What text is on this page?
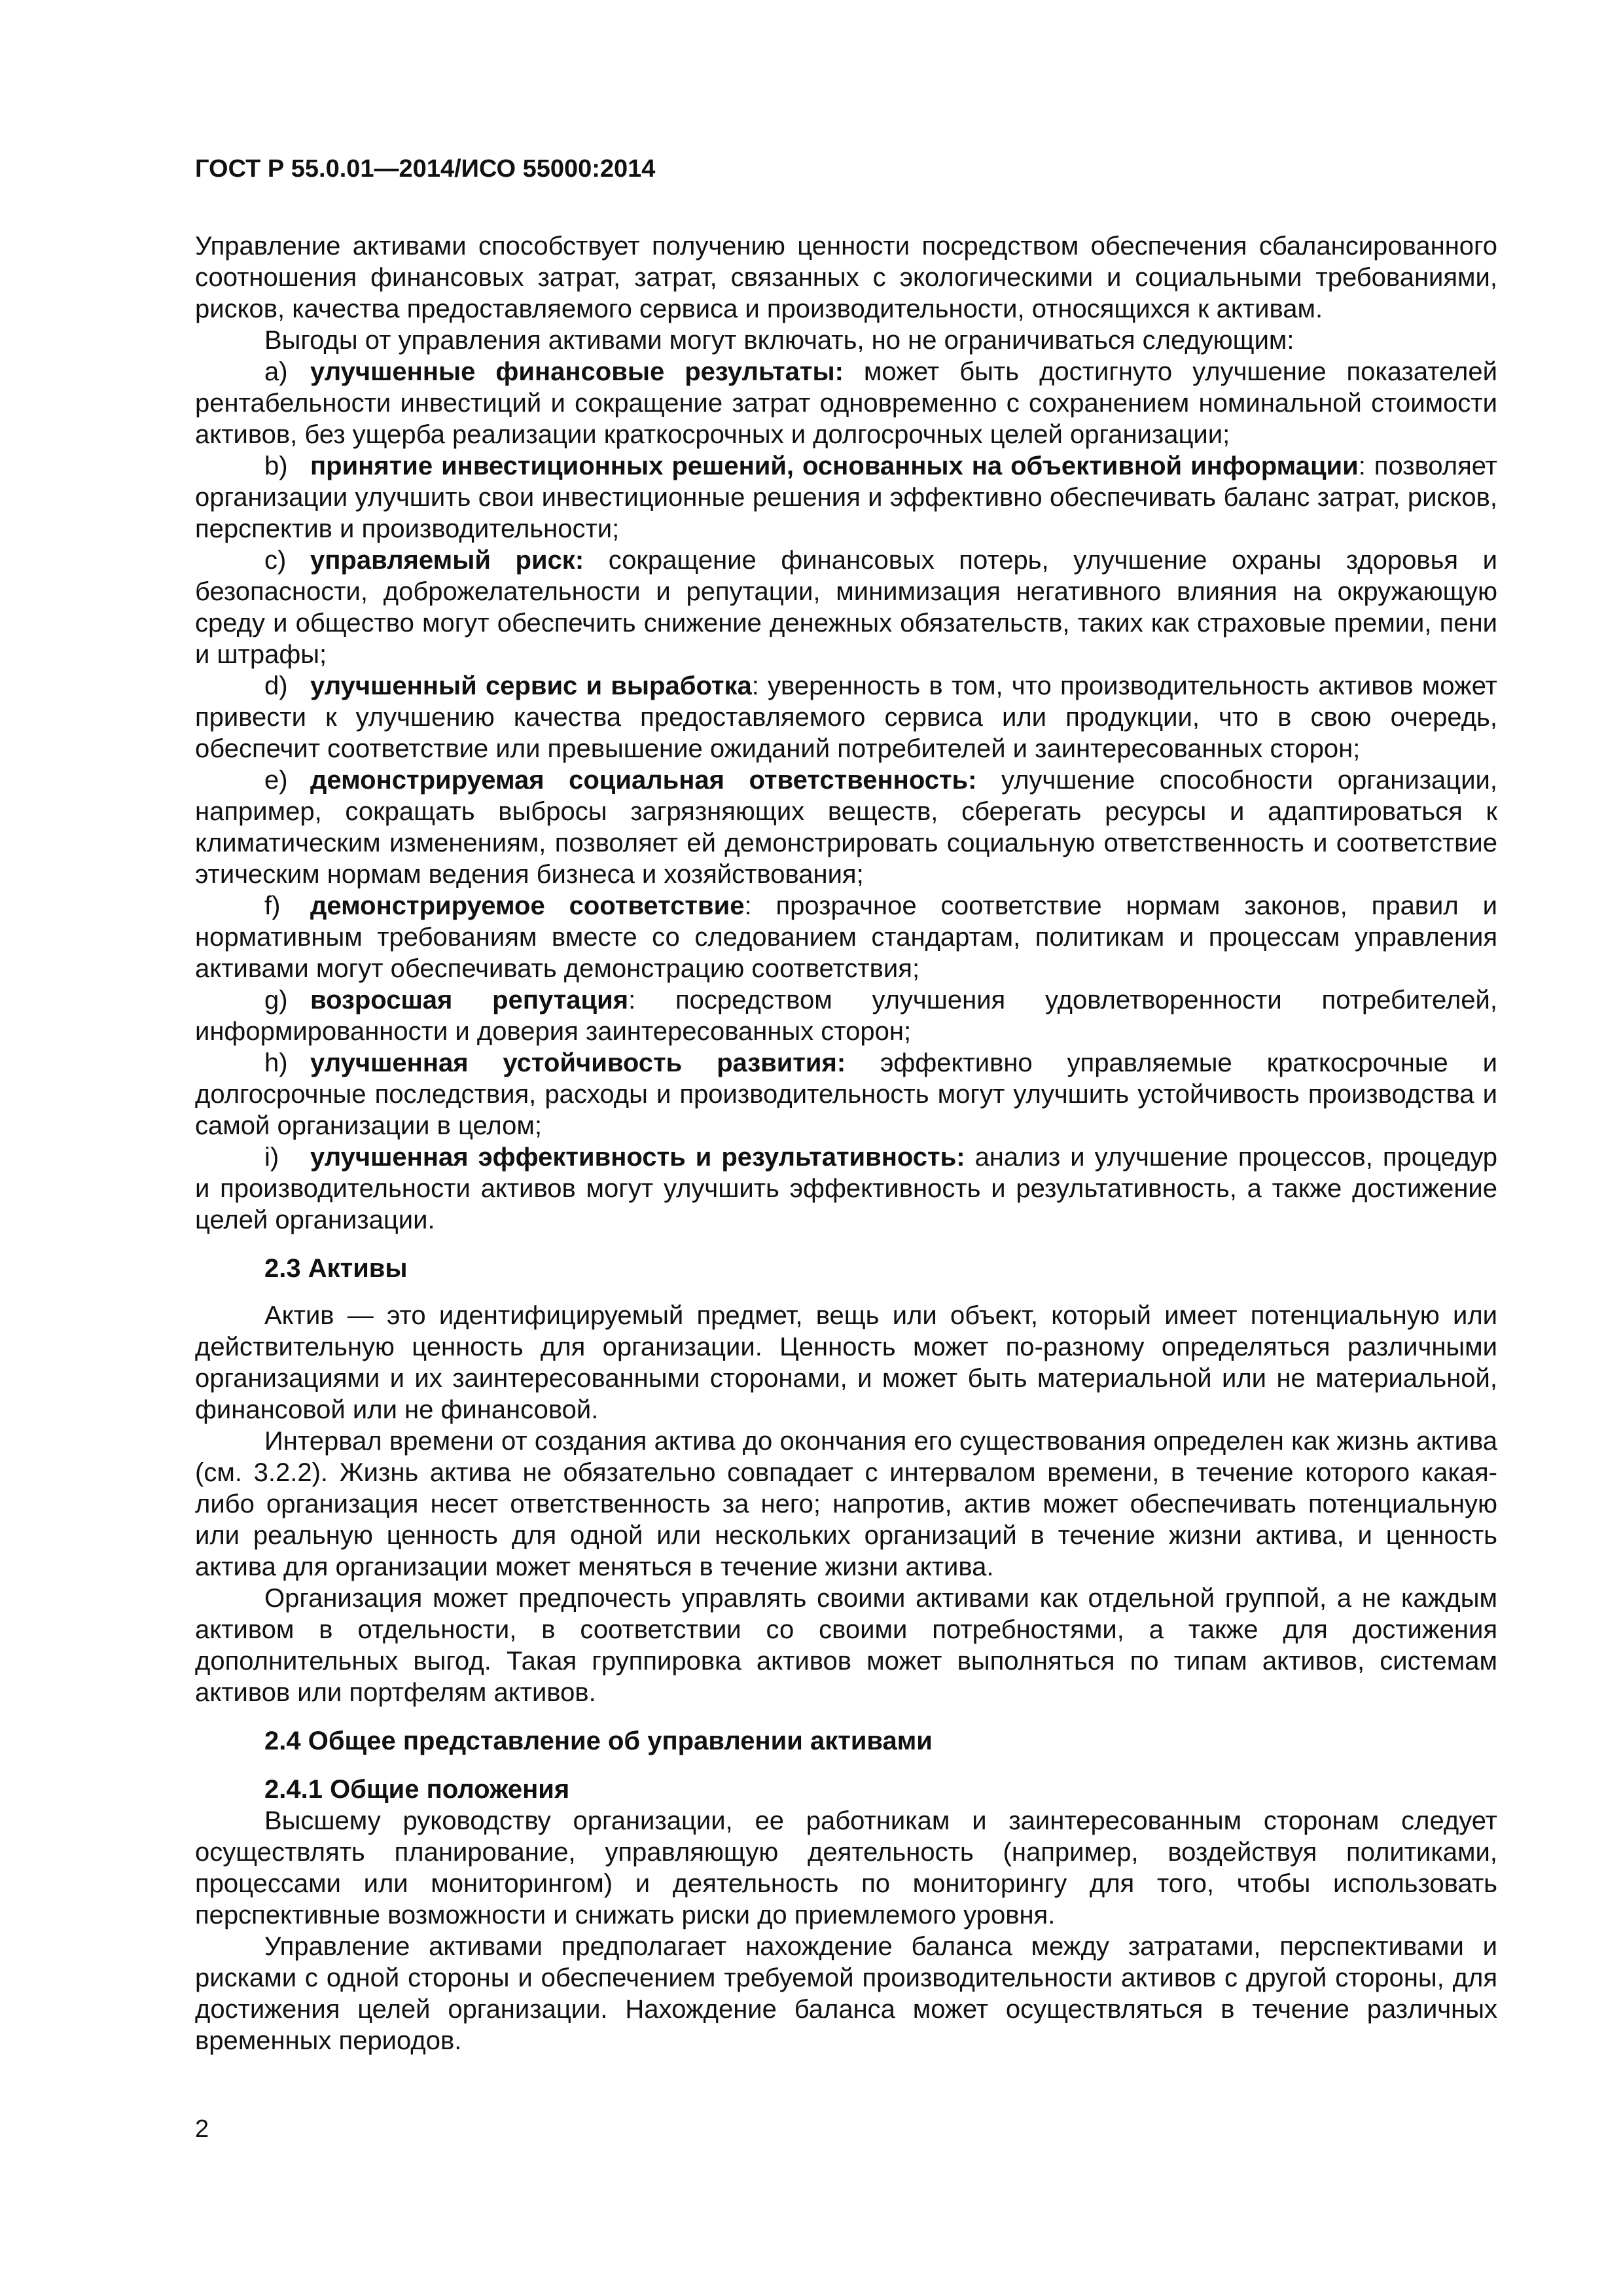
ГОСТ Р 55.0.01—2014/ИСО 55000:2014

Управление активами способствует получению ценности посредством обеспечения сбалансированного соотношения финансовых затрат, затрат, связанных с экологическими и социальными требованиями, рисков, качества предоставляемого сервиса и производительности, относящихся к активам.

Выгоды от управления активами могут включать, но не ограничиваться следующим:

a) улучшенные финансовые результаты: может быть достигнуто улучшение показателей рентабельности инвестиций и сокращение затрат одновременно с сохранением номинальной стоимости активов, без ущерба реализации краткосрочных и долгосрочных целей организации;

b) принятие инвестиционных решений, основанных на объективной информации: позволяет организации улучшить свои инвестиционные решения и эффективно обеспечивать баланс затрат, рисков, перспектив и производительности;

c) управляемый риск: сокращение финансовых потерь, улучшение охраны здоровья и безопасности, доброжелательности и репутации, минимизация негативного влияния на окружающую среду и общество могут обеспечить снижение денежных обязательств, таких как страховые премии, пени и штрафы;

d) улучшенный сервис и выработка: уверенность в том, что производительность активов может привести к улучшению качества предоставляемого сервиса или продукции, что в свою очередь, обеспечит соответствие или превышение ожиданий потребителей и заинтересованных сторон;

e) демонстрируемая социальная ответственность: улучшение способности организации, например, сокращать выбросы загрязняющих веществ, сберегать ресурсы и адаптироваться к климатическим изменениям, позволяет ей демонстрировать социальную ответственность и соответствие этическим нормам ведения бизнеса и хозяйствования;

f) демонстрируемое соответствие: прозрачное соответствие нормам законов, правил и нормативным требованиям вместе со следованием стандартам, политикам и процессам управления активами могут обеспечивать демонстрацию соответствия;

g) возросшая репутация: посредством улучшения удовлетворенности потребителей, информированности и доверия заинтересованных сторон;

h) улучшенная устойчивость развития: эффективно управляемые краткосрочные и долгосрочные последствия, расходы и производительность могут улучшить устойчивость производства и самой организации в целом;

i) улучшенная эффективность и результативность: анализ и улучшение процессов, процедур и производительности активов могут улучшить эффективность и результативность, а также достижение целей организации.

2.3 Активы

Актив — это идентифицируемый предмет, вещь или объект, который имеет потенциальную или действительную ценность для организации. Ценность может по-разному определяться различными организациями и их заинтересованными сторонами, и может быть материальной или не материальной, финансовой или не финансовой.

Интервал времени от создания актива до окончания его существования определен как жизнь актива (см. 3.2.2). Жизнь актива не обязательно совпадает с интервалом времени, в течение которого какая-либо организация несет ответственность за него; напротив, актив может обеспечивать потенциальную или реальную ценность для одной или нескольких организаций в течение жизни актива, и ценность актива для организации может меняться в течение жизни актива.

Организация может предпочесть управлять своими активами как отдельной группой, а не каждым активом в отдельности, в соответствии со своими потребностями, а также для достижения дополнительных выгод. Такая группировка активов может выполняться по типам активов, системам активов или портфелям активов.

2.4 Общее представление об управлении активами
2.4.1 Общие положения

Высшему руководству организации, ее работникам и заинтересованным сторонам следует осуществлять планирование, управляющую деятельность (например, воздействуя политиками, процессами или мониторингом) и деятельность по мониторингу для того, чтобы использовать перспективные возможности и снижать риски до приемлемого уровня.

Управление активами предполагает нахождение баланса между затратами, перспективами и рисками с одной стороны и обеспечением требуемой производительности активов с другой стороны, для достижения целей организации. Нахождение баланса может осуществляться в течение различных временных периодов.

2
